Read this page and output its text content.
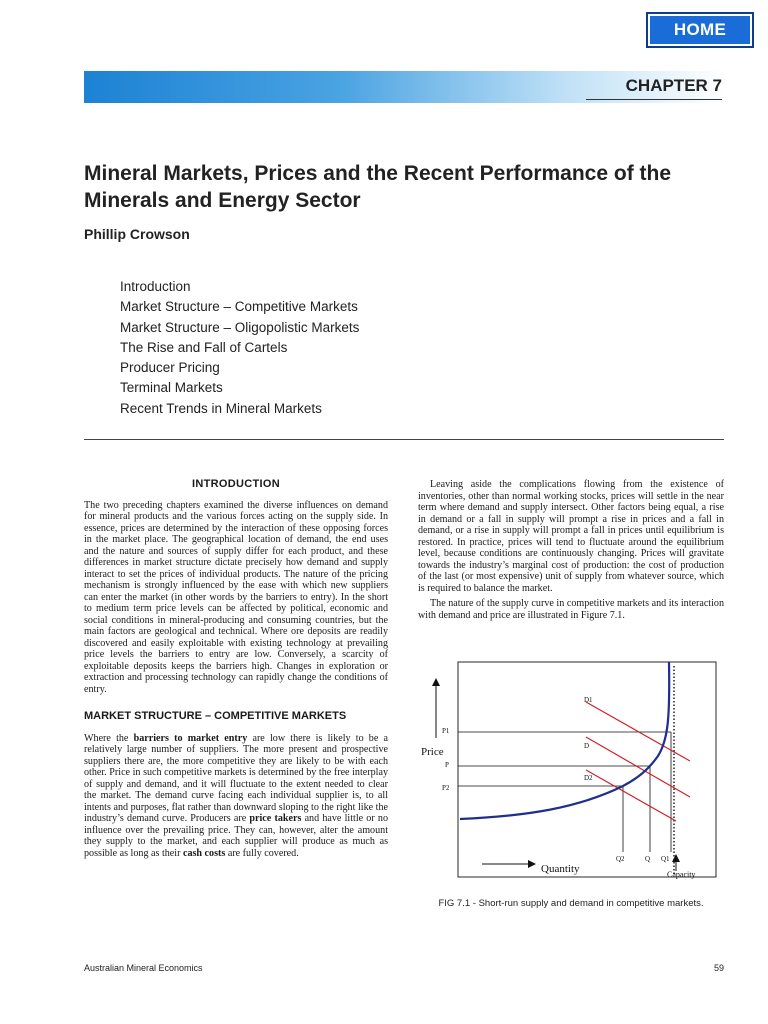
HOME
CHAPTER 7
Mineral Markets, Prices and the Recent Performance of the Minerals and Energy Sector
Phillip Crowson
Introduction
Market Structure – Competitive Markets
Market Structure – Oligopolistic Markets
The Rise and Fall of Cartels
Producer Pricing
Terminal Markets
Recent Trends in Mineral Markets

INTRODUCTION

The two preceding chapters examined the diverse influences on demand for mineral products and the various forces acting on the supply side. In essence, prices are determined by the interaction of these opposing forces in the market place. The geographical location of demand, the end uses and the nature and sources of supply differ for each product, and these differences in market structure dictate precisely how demand and supply interact to set the prices of individual products. The nature of the pricing mechanism is strongly influenced by the ease with which new suppliers can enter the market (in other words by the barriers to entry). In the short to medium term price levels can be affected by political, economic and social conditions in mineral-producing and consuming countries, but the main factors are geological and technical. Where ore deposits are readily discovered and easily exploitable with existing technology at prevailing price levels the barriers to entry are low. Conversely, a scarcity of exploitable deposits keeps the barriers high. Changes in exploration or extraction and processing technology can rapidly change the conditions of entry.

MARKET STRUCTURE – COMPETITIVE MARKETS

Where the barriers to market entry are low there is likely to be a relatively large number of suppliers. The more present and prospective suppliers there are, the more competitive they are likely to be with each other. Price in such competitive markets is determined by the free interplay of supply and demand, and it will fluctuate to the extent needed to clear the market. The demand curve facing each individual supplier is, to all intents and purposes, flat rather than downward sloping to the right like the industry’s demand curve. Producers are price takers and have little or no influence over the prevailing price. They can, however, alter the amount they supply to the market, and each supplier will produce as much as possible as long as their cash costs are fully covered.

Leaving aside the complications flowing from the existence of inventories, other than normal working stocks, prices will settle in the near term where demand and supply intersect. Other factors being equal, a rise in demand or a fall in supply will prompt a rise in prices and a fall in demand, or a rise in supply will prompt a fall in prices until equilibrium is restored. In practice, prices will tend to fluctuate around the equilibrium level, because conditions are continuously changing. Prices will gravitate towards the industry’s marginal cost of production: the cost of production of the last (or most expensive) unit of supply from whatever source, which is required to balance the market.

The nature of the supply curve in competitive markets and its interaction with demand and price are illustrated in Figure 7.1.

Price
Quantity	Capacity
P1
P
P2
D1
D
D2
Q2	Q Q1
FIG 7.1 - Short-run supply and demand in competitive markets.
Australian Mineral Economics	59
